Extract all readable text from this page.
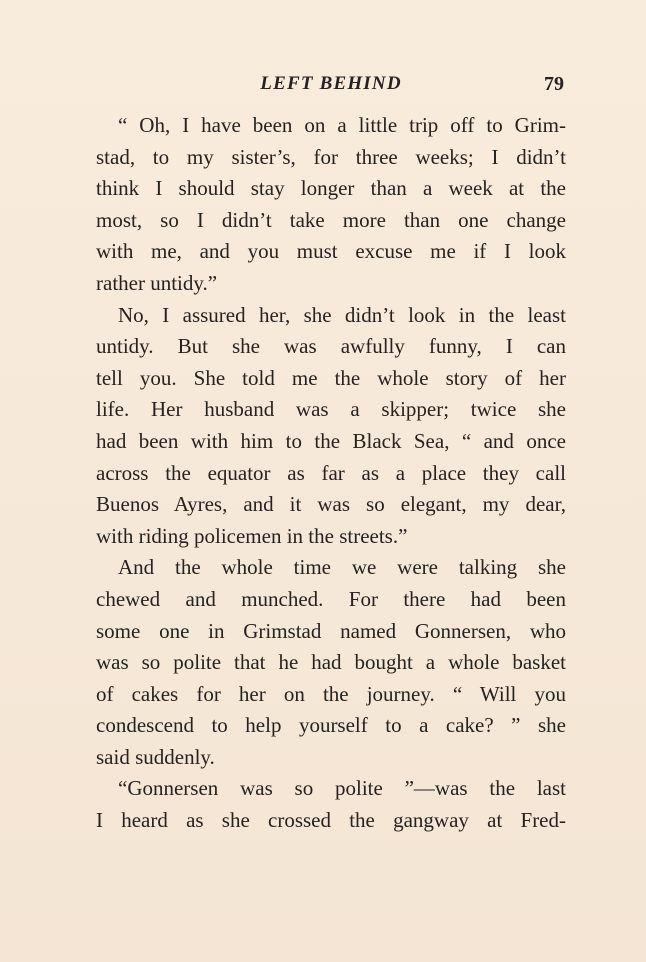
LEFT BEHIND	79
“ Oh, I have been on a little trip off to Grim-
stad, to my sister’s, for three weeks; I didn’t
think I should stay longer than a week at the
most, so I didn’t take more than one change
with me, and you must excuse me if I look
rather untidy.”
No, I assured her, she didn’t look in the least
untidy. But she was awfully funny, I can
tell you. She told me the whole story of her
life. Her husband was a skipper; twice she
had been with him to the Black Sea, “ and once
across the equator as far as a place they call
Buenos Ayres, and it was so elegant, my dear,
with riding policemen in the streets.”
And the whole time we were talking she
chewed and munched. For there had been
some one in Grimstad named Gonnersen, who
was so polite that he had bought a whole basket
of cakes for her on the journey. “ Will you
condescend to help yourself to a cake? ” she
said suddenly.
“Gonnersen was so polite ”—was the last
I heard as she crossed the gangway at Fred-
